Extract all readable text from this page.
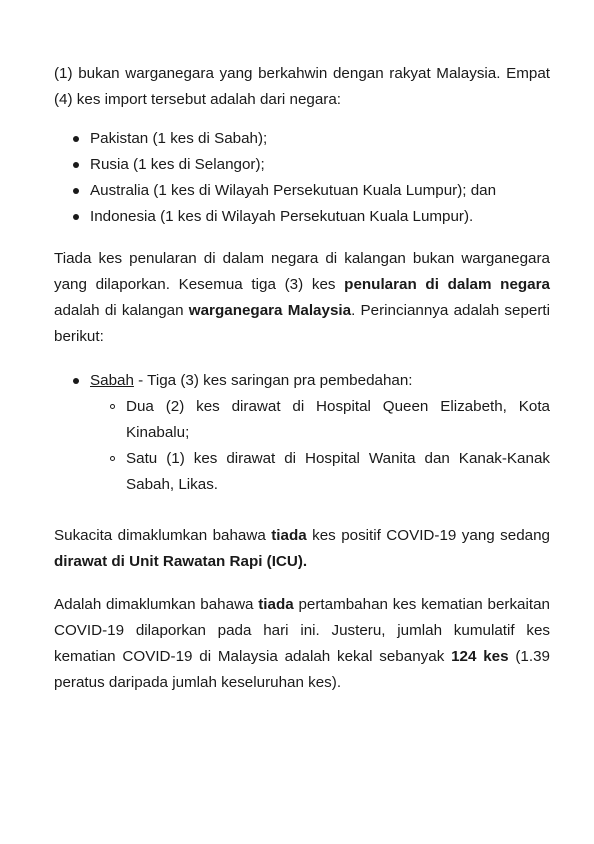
(1) bukan warganegara yang berkahwin dengan rakyat Malaysia. Empat (4) kes import tersebut adalah dari negara:

Pakistan (1 kes di Sabah);
Rusia (1 kes di Selangor);
Australia (1 kes di Wilayah Persekutuan Kuala Lumpur); dan
Indonesia (1 kes di Wilayah Persekutuan Kuala Lumpur).

Tiada kes penularan di dalam negara di kalangan bukan warganegara yang dilaporkan. Kesemua tiga (3) kes penularan di dalam negara adalah di kalangan warganegara Malaysia. Perinciannya adalah seperti berikut:

Sabah - Tiga (3) kes saringan pra pembedahan:
Dua (2) kes dirawat di Hospital Queen Elizabeth, Kota Kinabalu;
Satu (1) kes dirawat di Hospital Wanita dan Kanak-Kanak Sabah, Likas.

Sukacita dimaklumkan bahawa tiada kes positif COVID-19 yang sedang dirawat di Unit Rawatan Rapi (ICU).

Adalah dimaklumkan bahawa tiada pertambahan kes kematian berkaitan COVID-19 dilaporkan pada hari ini. Justeru, jumlah kumulatif kes kematian COVID-19 di Malaysia adalah kekal sebanyak 124 kes (1.39 peratus daripada jumlah keseluruhan kes).
